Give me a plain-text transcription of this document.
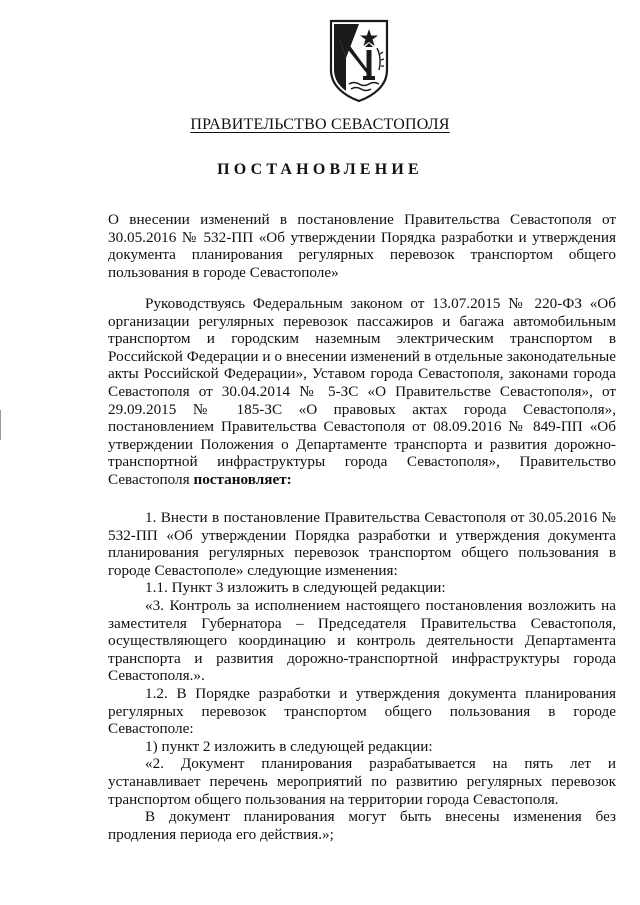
ПРАВИТЕЛЬСТВО СЕВАСТОПОЛЯ
ПОСТАНОВЛЕНИЕ

О внесении изменений в постановление Правительства Севастополя от 30.05.2016 № 532-ПП «Об утверждении Порядка разработки и утверждения документа планирования регулярных перевозок транспортом общего пользования в городе Севастополе»

Руководствуясь Федеральным законом от 13.07.2015 № 220-ФЗ «Об организации регулярных перевозок пассажиров и багажа автомобильным транспортом и городским наземным электрическим транспортом в Российской Федерации и о внесении изменений в отдельные законодательные акты Российской Федерации», Уставом города Севастополя, законами города Севастополя от 30.04.2014 № 5-ЗС «О Правительстве Севастополя», от 29.09.2015 № 185-ЗС «О правовых актах города Севастополя», постановлением Правительства Севастополя от 08.09.2016 № 849-ПП «Об утверждении Положения о Департаменте транспорта и развития дорожно-транспортной инфраструктуры города Севастополя», Правительство Севастополя постановляет:

1. Внести в постановление Правительства Севастополя от 30.05.2016 № 532-ПП «Об утверждении Порядка разработки и утверждения документа планирования регулярных перевозок транспортом общего пользования в городе Севастополе» следующие изменения:

1.1. Пункт 3 изложить в следующей редакции:

«3. Контроль за исполнением настоящего постановления возложить на заместителя Губернатора – Председателя Правительства Севастополя, осуществляющего координацию и контроль деятельности Департамента транспорта и развития дорожно-транспортной инфраструктуры города Севастополя.».

1.2. В Порядке разработки и утверждения документа планирования регулярных перевозок транспортом общего пользования в городе Севастополе:

1) пункт 2 изложить в следующей редакции:

«2. Документ планирования разрабатывается на пять лет и устанавливает перечень мероприятий по развитию регулярных перевозок транспортом общего пользования на территории города Севастополя.

В документ планирования могут быть внесены изменения без продления периода его действия.»;
